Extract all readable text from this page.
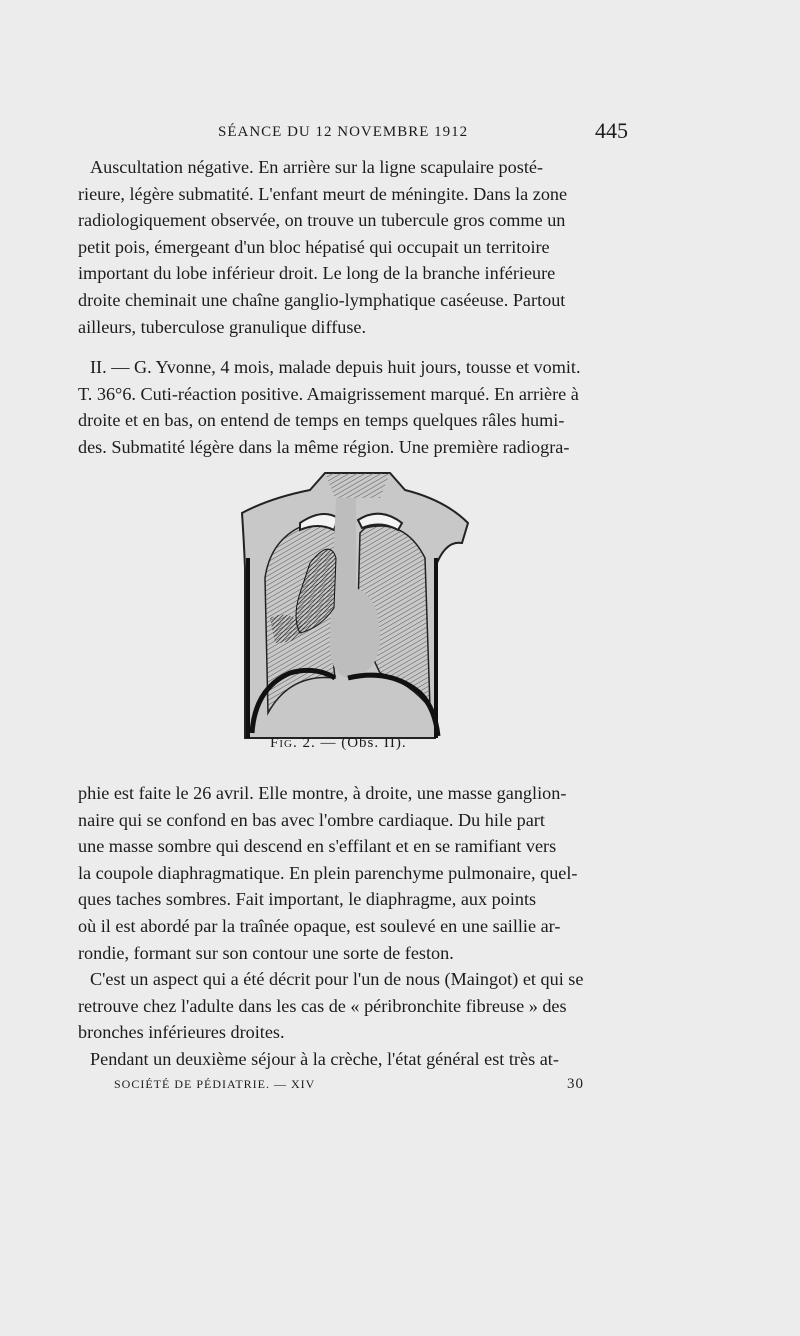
SÉANCE DU 12 NOVEMBRE 1912	445

Auscultation négative. En arrière sur la ligne scapulaire posté-

rieure, légère submatité. L'enfant meurt de méningite. Dans la zone

radiologiquement observée, on trouve un tubercule gros comme un

petit pois, émergeant d'un bloc hépatisé qui occupait un territoire

important du lobe inférieur droit. Le long de la branche inférieure

droite cheminait une chaîne ganglio-lymphatique caséeuse. Partout

ailleurs, tuberculose granulique diffuse.

II. — G. Yvonne, 4 mois, malade depuis huit jours, tousse et vomit.

T. 36°6. Cuti-réaction positive. Amaigrissement marqué. En arrière à

droite et en bas, on entend de temps en temps quelques râles humi-

des. Submatité légère dans la même région. Une première radiogra-

Fig. 2. — (Obs. II).

phie est faite le 26 avril. Elle montre, à droite, une masse ganglion-

naire qui se confond en bas avec l'ombre cardiaque. Du hile part

une masse sombre qui descend en s'effilant et en se ramifiant vers

la coupole diaphragmatique. En plein parenchyme pulmonaire, quel-

ques taches sombres. Fait important, le diaphragme, aux points

où il est abordé par la traînée opaque, est soulevé en une saillie ar-

rondie, formant sur son contour une sorte de feston.

C'est un aspect qui a été décrit pour l'un de nous (Maingot) et qui se

retrouve chez l'adulte dans les cas de « péribronchite fibreuse » des

bronches inférieures droites.

Pendant un deuxième séjour à la crèche, l'état général est très at-

SOCIÉTÉ DE PÉDIATRIE. — XIV	30
